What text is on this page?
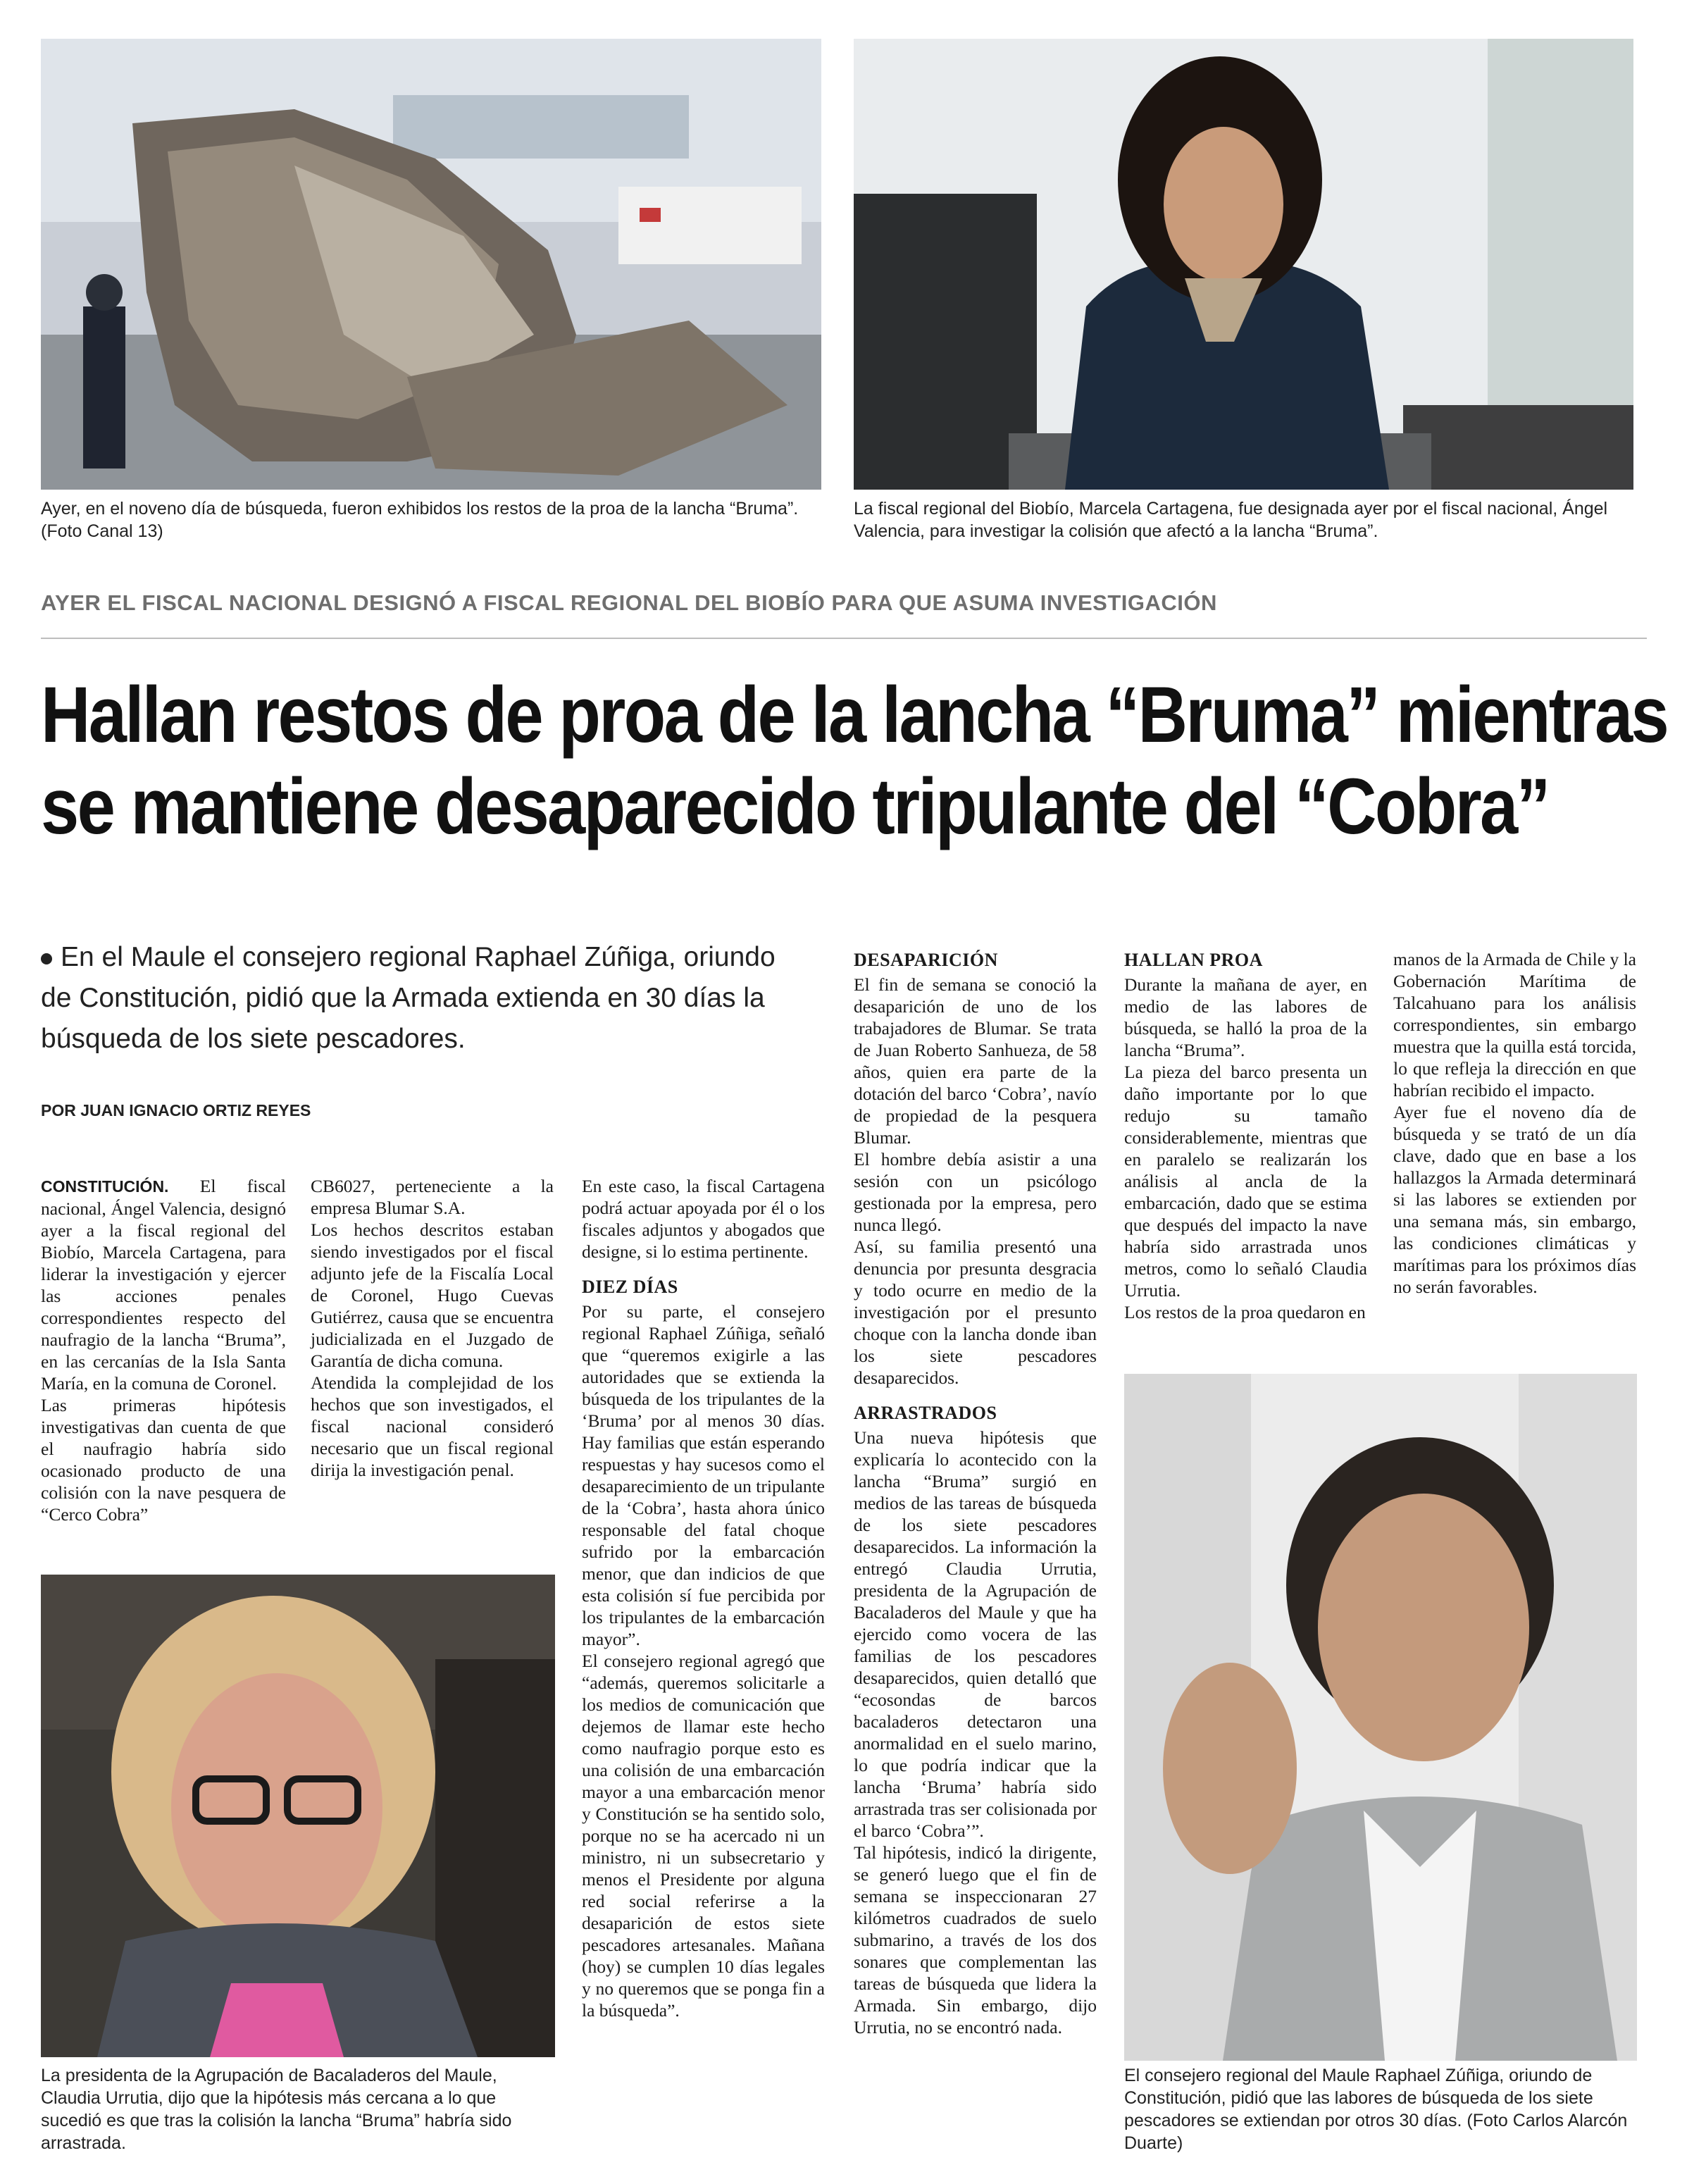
Ayer, en el noveno día de búsqueda, fueron exhibidos los restos de la proa de la lancha “Bruma”. (Foto Canal 13)

La fiscal regional del Biobío, Marcela Cartagena, fue designada ayer por el fiscal nacional, Ángel Valencia, para investigar la colisión que afectó a la lancha “Bruma”.

AYER EL FISCAL NACIONAL DESIGNÓ A FISCAL REGIONAL DEL BIOBÍO PARA QUE ASUMA INVESTIGACIÓN
Hallan restos de proa de la lancha “Bruma” mientras
se mantiene desaparecido tripulante del “Cobra”
En el Maule el consejero regional Raphael Zúñiga, oriundo de Constitución, pidió que la Armada extienda en 30 días la búsqueda de los siete pescadores.
POR JUAN IGNACIO ORTIZ REYES

CONSTITUCIÓN. El fiscal nacional, Ángel Valencia, designó ayer a la fiscal regional del Biobío, Marcela Cartagena, para liderar la investigación y ejercer las acciones penales correspondientes respecto del naufragio de la lancha “Bruma”, en las cercanías de la Isla Santa María, en la comuna de Coronel.

Las primeras hipótesis investigativas dan cuenta de que el naufragio habría sido ocasionado producto de una colisión con la nave pesquera de “Cerco Cobra”

CB6027, perteneciente a la empresa Blumar S.A.

Los hechos descritos estaban siendo investigados por el fiscal adjunto jefe de la Fiscalía Local de Coronel, Hugo Cuevas Gutiérrez, causa que se encuentra judicializada en el Juzgado de Garantía de dicha comuna.

Atendida la complejidad de los hechos que son investigados, el fiscal nacional consideró necesario que un fiscal regional dirija la investigación penal.

En este caso, la fiscal Cartagena podrá actuar apoyada por él o los fiscales adjuntos y abogados que designe, si lo estima pertinente.

DIEZ DÍAS

Por su parte, el consejero regional Raphael Zúñiga, señaló que “queremos exigirle a las autoridades que se extienda la búsqueda de los tripulantes de la ‘Bruma’ por al menos 30 días. Hay familias que están esperando respuestas y hay sucesos como el desaparecimiento de un tripulante de la ‘Cobra’, hasta ahora único responsable del fatal choque sufrido por la embarcación menor, que dan indicios de que esta colisión sí fue percibida por los tripulantes de la embarcación mayor”.

El consejero regional agregó que “además, queremos solicitarle a los medios de comunicación que dejemos de llamar este hecho como naufragio porque esto es una colisión de una embarcación mayor a una embarcación menor y Constitución se ha sentido solo, porque no se ha acercado ni un ministro, ni un subsecretario y menos el Presidente por alguna red social referirse a la desaparición de estos siete pescadores artesanales. Mañana (hoy) se cumplen 10 días legales y no queremos que se ponga fin a la búsqueda”.

DESAPARICIÓN

El fin de semana se conoció la desaparición de uno de los trabajadores de Blumar. Se trata de Juan Roberto Sanhueza, de 58 años, quien era parte de la dotación del barco ‘Cobra’, navío de propiedad de la pesquera Blumar.

El hombre debía asistir a una sesión con un psicólogo gestionada por la empresa, pero nunca llegó.

Así, su familia presentó una denuncia por presunta desgracia y todo ocurre en medio de la investigación por el presunto choque con la lancha donde iban los siete pescadores desaparecidos.

ARRASTRADOS

Una nueva hipótesis que explicaría lo acontecido con la lancha “Bruma” surgió en medios de las tareas de búsqueda de los siete pescadores desaparecidos. La información la entregó Claudia Urrutia, presidenta de la Agrupación de Bacaladeros del Maule y que ha ejercido como vocera de las familias de los pescadores desaparecidos, quien detalló que “ecosondas de barcos bacaladeros detectaron una anormalidad en el suelo marino, lo que podría indicar que la lancha ‘Bruma’ habría sido arrastrada tras ser colisionada por el barco ‘Cobra’”.

Tal hipótesis, indicó la dirigente, se generó luego que el fin de semana se inspeccionaran 27 kilómetros cuadrados de suelo submarino, a través de los dos sonares que complementan las tareas de búsqueda que lidera la Armada. Sin embargo, dijo Urrutia, no se encontró nada.

HALLAN PROA

Durante la mañana de ayer, en medio de las labores de búsqueda, se halló la proa de la lancha “Bruma”.

La pieza del barco presenta un daño importante por lo que redujo su tamaño considerablemente, mientras que en paralelo se realizarán los análisis al ancla de la embarcación, dado que se estima que después del impacto la nave habría sido arrastrada unos metros, como lo señaló Claudia Urrutia.

Los restos de la proa quedaron en

manos de la Armada de Chile y la Gobernación Marítima de Talcahuano para los análisis correspondientes, sin embargo muestra que la quilla está torcida, lo que refleja la dirección en que habrían recibido el impacto.

Ayer fue el noveno día de búsqueda y se trató de un día clave, dado que en base a los hallazgos la Armada determinará si las labores se extienden por una semana más, sin embargo, las condiciones climáticas y marítimas para los próximos días no serán favorables.

La presidenta de la Agrupación de Bacaladeros del Maule, Claudia Urrutia, dijo que la hipótesis más cercana a lo que sucedió es que tras la colisión la lancha “Bruma” habría sido arrastrada.

El consejero regional del Maule Raphael Zúñiga, oriundo de Constitución, pidió que las labores de búsqueda de los siete pescadores se extiendan por otros 30 días. (Foto Carlos Alarcón Duarte)
